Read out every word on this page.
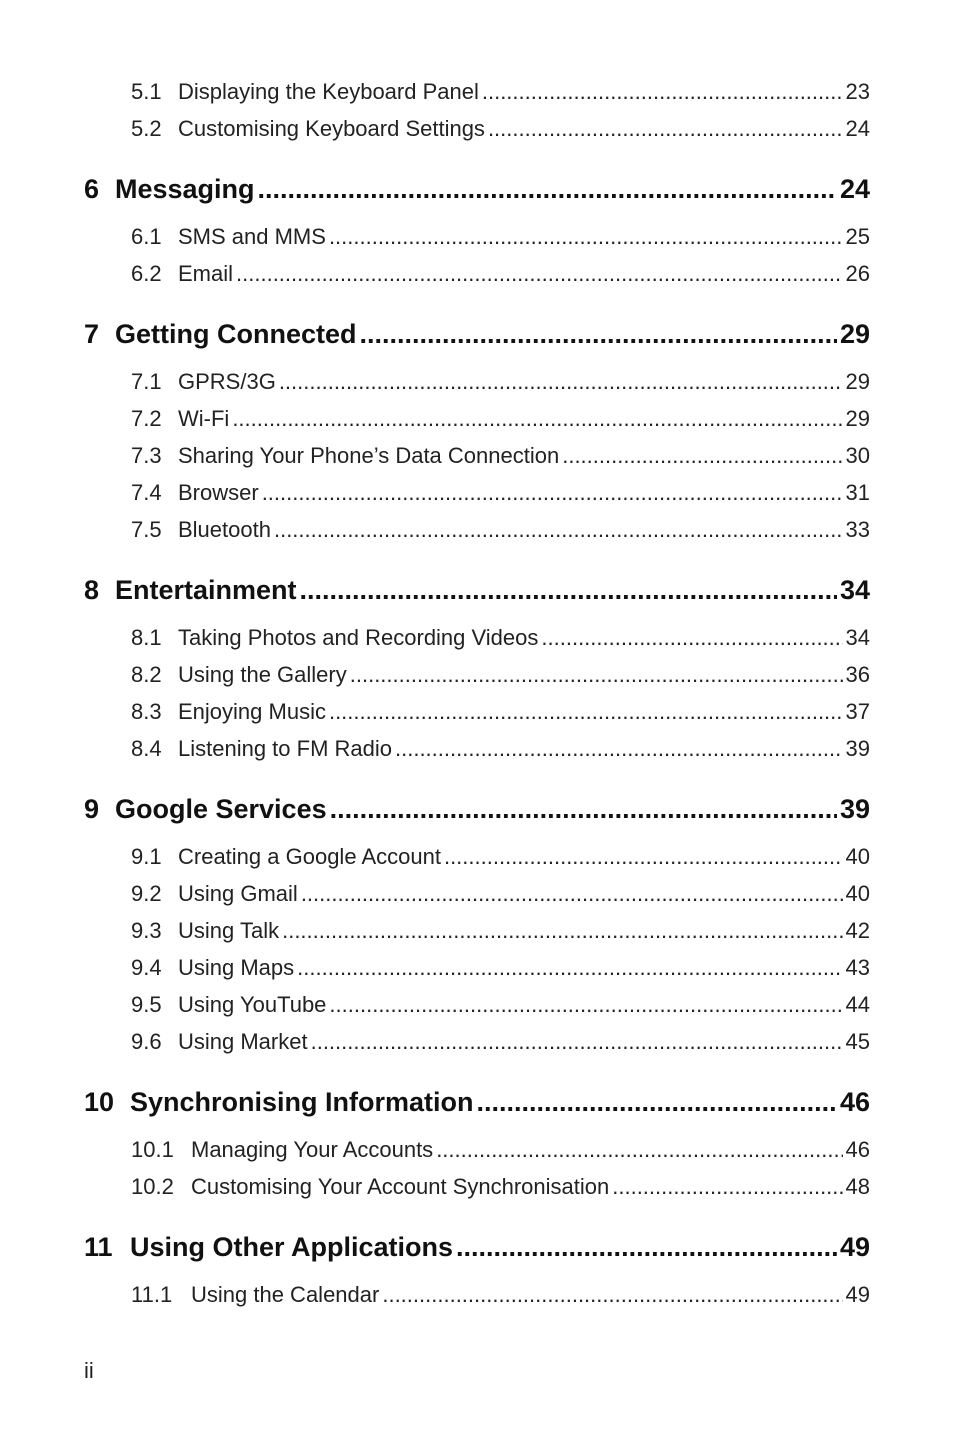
5.1 Displaying the Keyboard Panel .....	23
5.2 Customising Keyboard Settings .....	24
6 Messaging .....	24
6.1 SMS and MMS .....	25
6.2 Email .....	26
7 Getting Connected .....	29
7.1 GPRS/3G .....	29
7.2 Wi-Fi .....	29
7.3 Sharing Your Phone’s Data Connection .....	30
7.4 Browser .....	31
7.5 Bluetooth .....	33
8 Entertainment .....	34
8.1 Taking Photos and Recording Videos .....	34
8.2 Using the Gallery .....	36
8.3 Enjoying Music .....	37
8.4 Listening to FM Radio .....	39
9 Google Services .....	39
9.1 Creating a Google Account .....	40
9.2 Using Gmail .....	40
9.3 Using Talk .....	42
9.4 Using Maps .....	43
9.5 Using YouTube .....	44
9.6 Using Market .....	45
10 Synchronising Information .....	46
10.1 Managing Your Accounts .....	46
10.2 Customising Your Account Synchronisation .....	48
11 Using Other Applications .....	49
11.1 Using the Calendar .....	49
ii
